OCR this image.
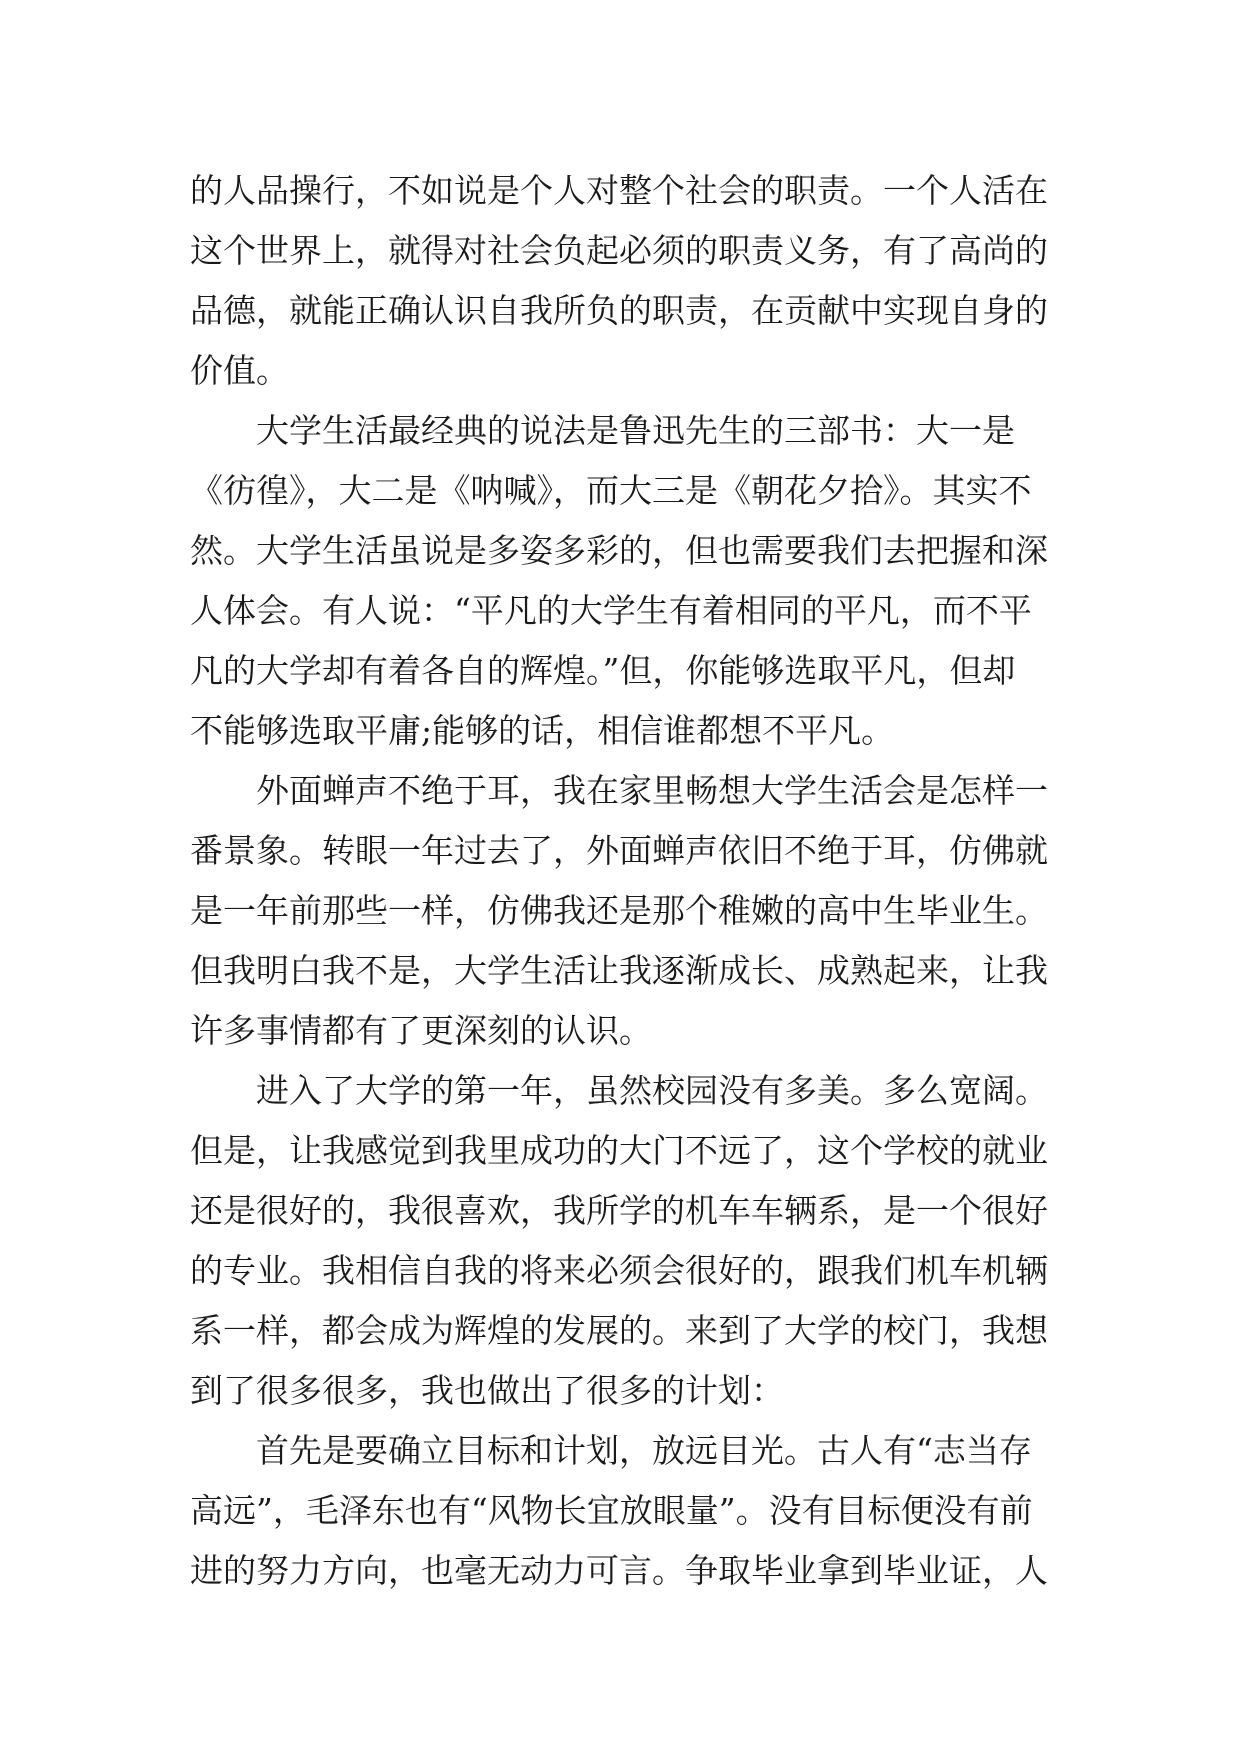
的人品操行，不如说是个人对整个社会的职责。一个人活在
这个世界上，就得对社会负起必须的职责义务，有了高尚的
品德，就能正确认识自我所负的职责，在贡献中实现自身的
价值。
大学生活最经典的说法是鲁迅先生的三部书：大一是
《彷徨》，大二是《呐喊》，而大三是《朝花夕拾》。其实不
然。大学生活虽说是多姿多彩的，但也需要我们去把握和深
人体会。有人说：“平凡的大学生有着相同的平凡，而不平
凡的大学却有着各自的辉煌。”但，你能够选取平凡，但却
不能够选取平庸;能够的话，相信谁都想不平凡。
外面蝉声不绝于耳，我在家里畅想大学生活会是怎样一
番景象。转眼一年过去了，外面蝉声依旧不绝于耳，仿佛就
是一年前那些一样，仿佛我还是那个稚嫩的高中生毕业生。
但我明白我不是，大学生活让我逐渐成长、成熟起来，让我
许多事情都有了更深刻的认识。
进入了大学的第一年，虽然校园没有多美。多么宽阔。
但是，让我感觉到我里成功的大门不远了，这个学校的就业
还是很好的，我很喜欢，我所学的机车车辆系，是一个很好
的专业。我相信自我的将来必须会很好的，跟我们机车机辆
系一样，都会成为辉煌的发展的。来到了大学的校门，我想
到了很多很多，我也做出了很多的计划：
首先是要确立目标和计划，放远目光。古人有“志当存
高远”，毛泽东也有“风物长宜放眼量”。没有目标便没有前
进的努力方向，也毫无动力可言。争取毕业拿到毕业证，人
